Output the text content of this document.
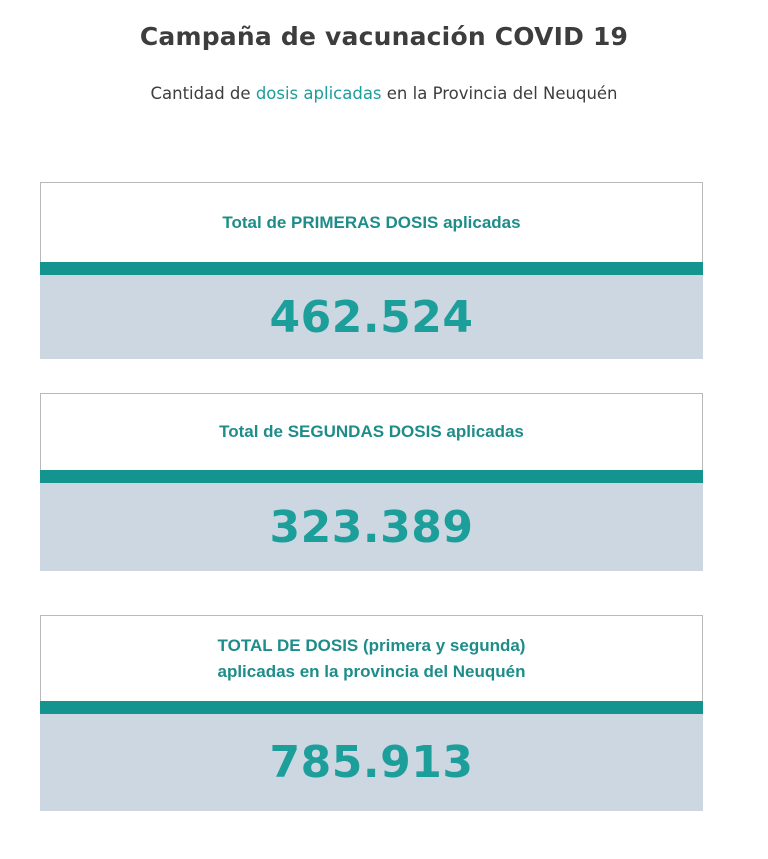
Campaña de vacunación COVID 19
Cantidad de dosis aplicadas en la Provincia del Neuquén
Total de PRIMERAS DOSIS aplicadas
462.524
Total de SEGUNDAS DOSIS aplicadas
323.389
TOTAL DE DOSIS (primera y segunda)
aplicadas en la provincia del Neuquén
785.913
